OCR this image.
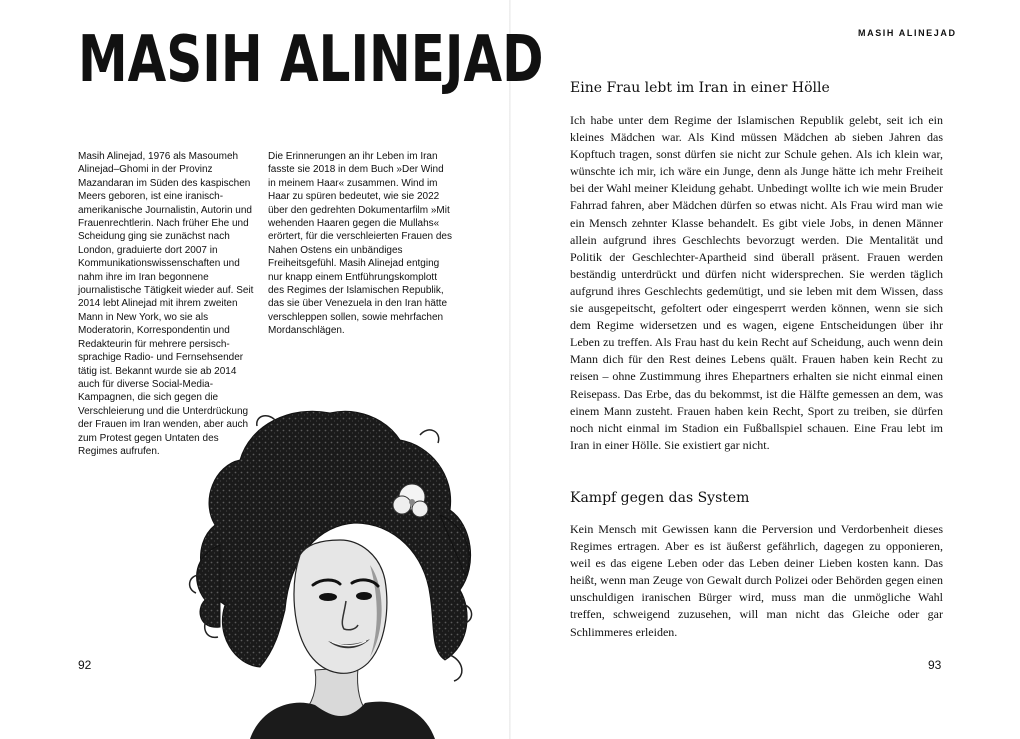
MASIH ALINEJAD

Masih Alinejad, 1976 als Masoumeh Alinejad–Ghomi in der Provinz Mazandaran im Süden des kaspischen Meers geboren, ist eine iranisch-amerikanische Journalistin, Autorin und Frauenrechtlerin. Nach früher Ehe und Scheidung ging sie zunächst nach London, graduierte dort 2007 in Kommunikationswissenschaften und nahm ihre im Iran begonnene journalistische Tätigkeit wieder auf. Seit 2014 lebt Alinejad mit ihrem zweiten Mann in New York, wo sie als Moderatorin, Korrespondentin und Redakteurin für mehrere persisch-sprachige Radio- und Fernsehsender tätig ist. Bekannt wurde sie ab 2014 auch für diverse Social-Media-Kampagnen, die sich gegen die Verschleierung und die Unterdrückung der Frauen im Iran wenden, aber auch zum Protest gegen Untaten des Regimes aufrufen.

Die Erinnerungen an ihr Leben im Iran fasste sie 2018 in dem Buch »Der Wind in meinem Haar« zusammen. Wind im Haar zu spüren bedeutet, wie sie 2022 über den gedrehten Dokumentarfilm »Mit wehenden Haaren gegen die Mullahs« erörtert, für die verschleierten Frauen des Nahen Ostens ein unbändiges Freiheitsgefühl. Masih Alinejad entging nur knapp einem Entführungskomplott des Regimes der Islamischen Republik, das sie über Venezuela in den Iran hätte verschleppen sollen, sowie mehrfachen Mordanschlägen.

92

MASIH ALINEJAD

Eine Frau lebt im Iran in einer Hölle

Ich habe unter dem Regime der Islamischen Republik gelebt, seit ich ein kleines Mädchen war. Als Kind müssen Mädchen ab sieben Jahren das Kopftuch tragen, sonst dürfen sie nicht zur Schule gehen. Als ich klein war, wünschte ich mir, ich wäre ein Junge, denn als Junge hätte ich mehr Freiheit bei der Wahl meiner Kleidung gehabt. Unbedingt wollte ich wie mein Bruder Fahrrad fahren, aber Mädchen dürfen so etwas nicht. Als Frau wird man wie ein Mensch zehnter Klasse behandelt. Es gibt viele Jobs, in denen Männer allein aufgrund ihres Geschlechts bevorzugt werden. Die Mentalität und Politik der Geschlechter-Apartheid sind überall präsent. Frauen werden beständig unterdrückt und dürfen nicht widersprechen. Sie werden täglich aufgrund ihres Geschlechts gedemütigt, und sie leben mit dem Wissen, dass sie ausgepeitscht, gefoltert oder eingesperrt werden können, wenn sie sich dem Regime widersetzen und es wagen, eigene Entscheidungen über ihr Leben zu treffen. Als Frau hast du kein Recht auf Scheidung, auch wenn dein Mann dich für den Rest deines Lebens quält. Frauen haben kein Recht zu reisen – ohne Zustimmung ihres Ehepartners erhalten sie nicht einmal einen Reisepass. Das Erbe, das du bekommst, ist die Hälfte gemessen an dem, was einem Mann zusteht. Frauen haben kein Recht, Sport zu treiben, sie dürfen noch nicht einmal im Stadion ein Fußballspiel schauen. Eine Frau lebt im Iran in einer Hölle. Sie existiert gar nicht.

Kampf gegen das System

Kein Mensch mit Gewissen kann die Perversion und Verdorbenheit dieses Regimes ertragen. Aber es ist äußerst gefährlich, dagegen zu opponieren, weil es das eigene Leben oder das Leben deiner Lieben kosten kann. Das heißt, wenn man Zeuge von Gewalt durch Polizei oder Behörden gegen einen unschuldigen iranischen Bürger wird, muss man die unmögliche Wahl treffen, schweigend zuzusehen, will man nicht das Gleiche oder gar Schlimmeres erleiden.

93
